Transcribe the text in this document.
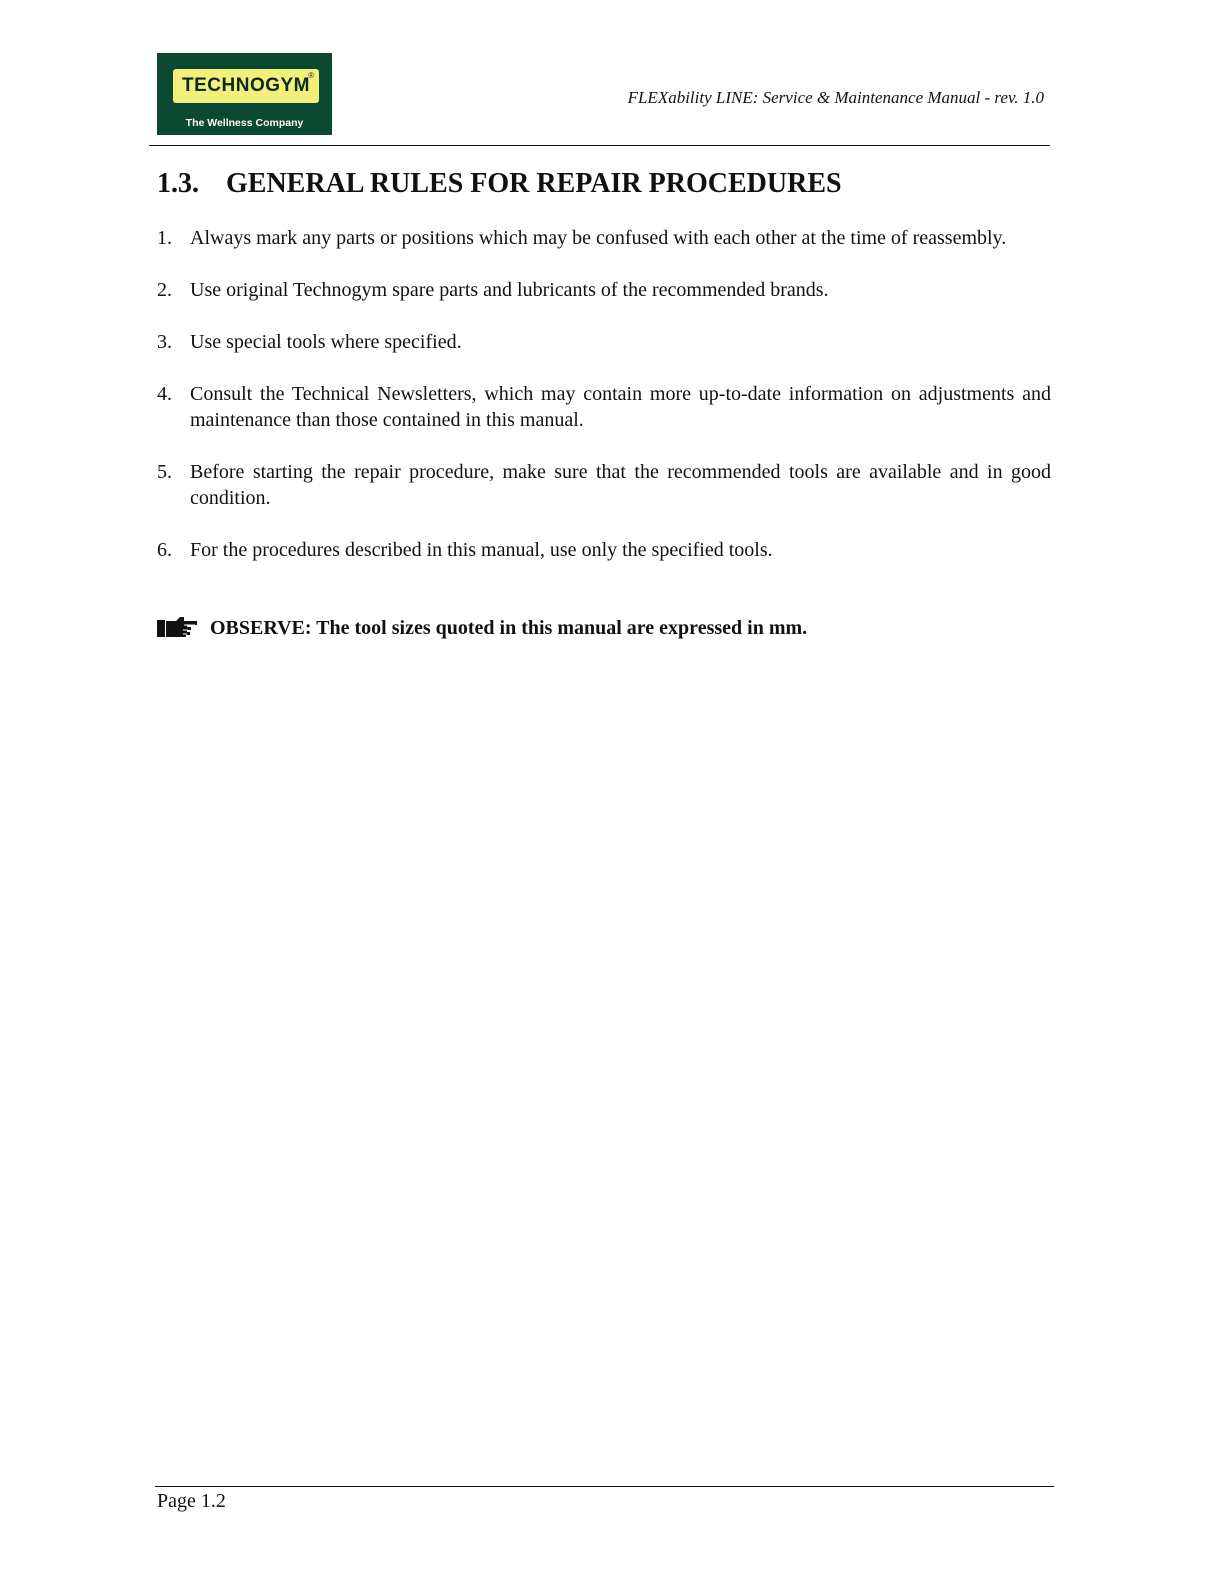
TECHNOGYM
®
The Wellness Company
FLEXability LINE: Service & Maintenance Manual - rev. 1.0
1.3. GENERAL RULES FOR REPAIR PROCEDURES
1. Always mark any parts or positions which may be confused with each other at the time of reassembly.
2. Use original Technogym spare parts and lubricants of the recommended brands.
3. Use special tools where specified.
4. Consult the Technical Newsletters, which may contain more up-to-date information on adjustments and maintenance than those contained in this manual.
5. Before starting the repair procedure, make sure that the recommended tools are available and in good condition.
6. For the procedures described in this manual, use only the specified tools.
OBSERVE: The tool sizes quoted in this manual are expressed in mm.
Page 1.2
